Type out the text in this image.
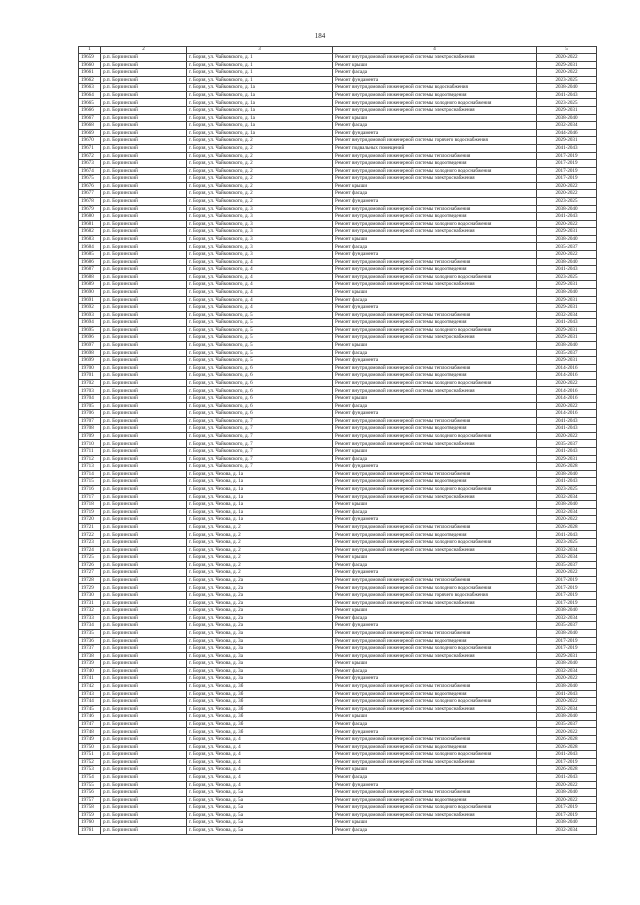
184
1	2	3	4	5
19659	р.п. Борзинский	г. Борзя, ул. Чайковского, д. 1	Ремонт внутридомовой инженерной системы электроснабжения	2020-2022
19660	р.п. Борзинский	г. Борзя, ул. Чайковского, д. 1	Ремонт крыши	2029-2031
19661	р.п. Борзинский	г. Борзя, ул. Чайковского, д. 1	Ремонт фасада	2020-2022
19662	р.п. Борзинский	г. Борзя, ул. Чайковского, д. 1	Ремонт фундамента	2023-2025
19663	р.п. Борзинский	г. Борзя, ул. Чайковского, д. 1а	Ремонт внутридомовой инженерной системы водоснабжения	2038-2040
19664	р.п. Борзинский	г. Борзя, ул. Чайковского, д. 1а	Ремонт внутридомовой инженерной системы водоотведения	2041-2043
19665	р.п. Борзинский	г. Борзя, ул. Чайковского, д. 1а	Ремонт внутридомовой инженерной системы холодного водоснабжения	2023-2025
19666	р.п. Борзинский	г. Борзя, ул. Чайковского, д. 1а	Ремонт внутридомовой инженерной системы электроснабжения	2029-2031
19667	р.п. Борзинский	г. Борзя, ул. Чайковского, д. 1а	Ремонт крыши	2038-2040
19668	р.п. Борзинский	г. Борзя, ул. Чайковского, д. 1а	Ремонт фасада	2032-2034
19669	р.п. Борзинский	г. Борзя, ул. Чайковского, д. 1а	Ремонт фундамента	2044-2046
19670	р.п. Борзинский	г. Борзя, ул. Чайковского, д. 2	Ремонт внутридомовой инженерной системы горячего водоснабжения	2029-2031
19671	р.п. Борзинский	г. Борзя, ул. Чайковского, д. 2	Ремонт подвальных помещений	2041-2043
19672	р.п. Борзинский	г. Борзя, ул. Чайковского, д. 2	Ремонт внутридомовой инженерной системы теплоснабжения	2017-2019
19673	р.п. Борзинский	г. Борзя, ул. Чайковского, д. 2	Ремонт внутридомовой инженерной системы водоотведения	2017-2019
19674	р.п. Борзинский	г. Борзя, ул. Чайковского, д. 2	Ремонт внутридомовой инженерной системы холодного водоснабжения	2017-2019
19675	р.п. Борзинский	г. Борзя, ул. Чайковского, д. 2	Ремонт внутридомовой инженерной системы электроснабжения	2017-2019
19676	р.п. Борзинский	г. Борзя, ул. Чайковского, д. 2	Ремонт крыши	2020-2022
19677	р.п. Борзинский	г. Борзя, ул. Чайковского, д. 2	Ремонт фасада	2020-2022
19678	р.п. Борзинский	г. Борзя, ул. Чайковского, д. 2	Ремонт фундамента	2023-2025
19679	р.п. Борзинский	г. Борзя, ул. Чайковского, д. 3	Ремонт внутридомовой инженерной системы теплоснабжения	2038-2040
19680	р.п. Борзинский	г. Борзя, ул. Чайковского, д. 3	Ремонт внутридомовой инженерной системы водоотведения	2041-2043
19681	р.п. Борзинский	г. Борзя, ул. Чайковского, д. 3	Ремонт внутридомовой инженерной системы холодного водоснабжения	2020-2022
19682	р.п. Борзинский	г. Борзя, ул. Чайковского, д. 3	Ремонт внутридомовой инженерной системы электроснабжения	2029-2031
19683	р.п. Борзинский	г. Борзя, ул. Чайковского, д. 3	Ремонт крыши	2038-2040
19684	р.п. Борзинский	г. Борзя, ул. Чайковского, д. 3	Ремонт фасада	2035-2037
19685	р.п. Борзинский	г. Борзя, ул. Чайковского, д. 3	Ремонт фундамента	2020-2022
19686	р.п. Борзинский	г. Борзя, ул. Чайковского, д. 4	Ремонт внутридомовой инженерной системы теплоснабжения	2038-2040
19687	р.п. Борзинский	г. Борзя, ул. Чайковского, д. 4	Ремонт внутридомовой инженерной системы водоотведения	2041-2043
19688	р.п. Борзинский	г. Борзя, ул. Чайковского, д. 4	Ремонт внутридомовой инженерной системы холодного водоснабжения	2023-2025
19689	р.п. Борзинский	г. Борзя, ул. Чайковского, д. 4	Ремонт внутридомовой инженерной системы электроснабжения	2029-2031
19690	р.п. Борзинский	г. Борзя, ул. Чайковского, д. 4	Ремонт крыши	2038-2040
19691	р.п. Борзинский	г. Борзя, ул. Чайковского, д. 4	Ремонт фасада	2029-2031
19692	р.п. Борзинский	г. Борзя, ул. Чайковского, д. 4	Ремонт фундамента	2029-2031
19693	р.п. Борзинский	г. Борзя, ул. Чайковского, д. 5	Ремонт внутридомовой инженерной системы теплоснабжения	2032-2034
19694	р.п. Борзинский	г. Борзя, ул. Чайковского, д. 5	Ремонт внутридомовой инженерной системы водоотведения	2041-2043
19695	р.п. Борзинский	г. Борзя, ул. Чайковского, д. 5	Ремонт внутридомовой инженерной системы холодного водоснабжения	2029-2031
19696	р.п. Борзинский	г. Борзя, ул. Чайковского, д. 5	Ремонт внутридомовой инженерной системы электроснабжения	2029-2031
19697	р.п. Борзинский	г. Борзя, ул. Чайковского, д. 5	Ремонт крыши	2038-2040
19698	р.п. Борзинский	г. Борзя, ул. Чайковского, д. 5	Ремонт фасада	2035-2037
19699	р.п. Борзинский	г. Борзя, ул. Чайковского, д. 5	Ремонт фундамента	2029-2031
19700	р.п. Борзинский	г. Борзя, ул. Чайковского, д. 6	Ремонт внутридомовой инженерной системы теплоснабжения	2014-2016
19701	р.п. Борзинский	г. Борзя, ул. Чайковского, д. 6	Ремонт внутридомовой инженерной системы водоотведения	2014-2016
19702	р.п. Борзинский	г. Борзя, ул. Чайковского, д. 6	Ремонт внутридомовой инженерной системы холодного водоснабжения	2020-2022
19703	р.п. Борзинский	г. Борзя, ул. Чайковского, д. 6	Ремонт внутридомовой инженерной системы электроснабжения	2014-2016
19704	р.п. Борзинский	г. Борзя, ул. Чайковского, д. 6	Ремонт крыши	2014-2016
19705	р.п. Борзинский	г. Борзя, ул. Чайковского, д. 6	Ремонт фасада	2020-2022
19706	р.п. Борзинский	г. Борзя, ул. Чайковского, д. 6	Ремонт фундамента	2014-2016
19707	р.п. Борзинский	г. Борзя, ул. Чайковского, д. 7	Ремонт внутридомовой инженерной системы теплоснабжения	2041-2043
19708	р.п. Борзинский	г. Борзя, ул. Чайковского, д. 7	Ремонт внутридомовой инженерной системы водоотведения	2041-2043
19709	р.п. Борзинский	г. Борзя, ул. Чайковского, д. 7	Ремонт внутридомовой инженерной системы холодного водоснабжения	2020-2022
19710	р.п. Борзинский	г. Борзя, ул. Чайковского, д. 7	Ремонт внутридомовой инженерной системы электроснабжения	2035-2037
19711	р.п. Борзинский	г. Борзя, ул. Чайковского, д. 7	Ремонт крыши	2041-2043
19712	р.п. Борзинский	г. Борзя, ул. Чайковского, д. 7	Ремонт фасада	2029-2031
19713	р.п. Борзинский	г. Борзя, ул. Чайковского, д. 7	Ремонт фундамента	2026-2028
19714	р.п. Борзинский	г. Борзя, ул. Чехова, д. 1а	Ремонт внутридомовой инженерной системы теплоснабжения	2038-2040
19715	р.п. Борзинский	г. Борзя, ул. Чехова, д. 1а	Ремонт внутридомовой инженерной системы водоотведения	2041-2043
19716	р.п. Борзинский	г. Борзя, ул. Чехова, д. 1а	Ремонт внутридомовой инженерной системы холодного водоснабжения	2023-2025
19717	р.п. Борзинский	г. Борзя, ул. Чехова, д. 1а	Ремонт внутридомовой инженерной системы электроснабжения	2032-2034
19718	р.п. Борзинский	г. Борзя, ул. Чехова, д. 1а	Ремонт крыши	2038-2040
19719	р.п. Борзинский	г. Борзя, ул. Чехова, д. 1а	Ремонт фасада	2032-2034
19720	р.п. Борзинский	г. Борзя, ул. Чехова, д. 1а	Ремонт фундамента	2020-2022
19721	р.п. Борзинский	г. Борзя, ул. Чехова, д. 2	Ремонт внутридомовой инженерной системы теплоснабжения	2026-2028
19722	р.п. Борзинский	г. Борзя, ул. Чехова, д. 2	Ремонт внутридомовой инженерной системы водоотведения	2041-2043
19723	р.п. Борзинский	г. Борзя, ул. Чехова, д. 2	Ремонт внутридомовой инженерной системы холодного водоснабжения	2023-2025
19724	р.п. Борзинский	г. Борзя, ул. Чехова, д. 2	Ремонт внутридомовой инженерной системы электроснабжения	2032-2034
19725	р.п. Борзинский	г. Борзя, ул. Чехова, д. 2	Ремонт крыши	2032-2034
19726	р.п. Борзинский	г. Борзя, ул. Чехова, д. 2	Ремонт фасада	2035-2037
19727	р.п. Борзинский	г. Борзя, ул. Чехова, д. 2	Ремонт фундамента	2020-2022
19728	р.п. Борзинский	г. Борзя, ул. Чехова, д. 2а	Ремонт внутридомовой инженерной системы теплоснабжения	2017-2019
19729	р.п. Борзинский	г. Борзя, ул. Чехова, д. 2а	Ремонт внутридомовой инженерной системы холодного водоснабжения	2017-2019
19730	р.п. Борзинский	г. Борзя, ул. Чехова, д. 2а	Ремонт внутридомовой инженерной системы горячего водоснабжения	2017-2019
19731	р.п. Борзинский	г. Борзя, ул. Чехова, д. 2а	Ремонт внутридомовой инженерной системы электроснабжения	2017-2019
19732	р.п. Борзинский	г. Борзя, ул. Чехова, д. 2а	Ремонт крыши	2038-2040
19733	р.п. Борзинский	г. Борзя, ул. Чехова, д. 2а	Ремонт фасада	2032-2034
19734	р.п. Борзинский	г. Борзя, ул. Чехова, д. 2а	Ремонт фундамента	2035-2037
19735	р.п. Борзинский	г. Борзя, ул. Чехова, д. 3а	Ремонт внутридомовой инженерной системы теплоснабжения	2038-2040
19736	р.п. Борзинский	г. Борзя, ул. Чехова, д. 3а	Ремонт внутридомовой инженерной системы водоотведения	2017-2019
19737	р.п. Борзинский	г. Борзя, ул. Чехова, д. 3а	Ремонт внутридомовой инженерной системы холодного водоснабжения	2017-2019
19738	р.п. Борзинский	г. Борзя, ул. Чехова, д. 3а	Ремонт внутридомовой инженерной системы электроснабжения	2029-2031
19739	р.п. Борзинский	г. Борзя, ул. Чехова, д. 3а	Ремонт крыши	2038-2040
19740	р.п. Борзинский	г. Борзя, ул. Чехова, д. 3а	Ремонт фасада	2032-2034
19741	р.п. Борзинский	г. Борзя, ул. Чехова, д. 3а	Ремонт фундамента	2020-2022
19742	р.п. Борзинский	г. Борзя, ул. Чехова, д. 3б	Ремонт внутридомовой инженерной системы теплоснабжения	2038-2040
19743	р.п. Борзинский	г. Борзя, ул. Чехова, д. 3б	Ремонт внутридомовой инженерной системы водоотведения	2041-2043
19744	р.п. Борзинский	г. Борзя, ул. Чехова, д. 3б	Ремонт внутридомовой инженерной системы холодного водоснабжения	2020-2022
19745	р.п. Борзинский	г. Борзя, ул. Чехова, д. 3б	Ремонт внутридомовой инженерной системы электроснабжения	2032-2034
19746	р.п. Борзинский	г. Борзя, ул. Чехова, д. 3б	Ремонт крыши	2038-2040
19747	р.п. Борзинский	г. Борзя, ул. Чехова, д. 3б	Ремонт фасада	2035-2037
19748	р.п. Борзинский	г. Борзя, ул. Чехова, д. 3б	Ремонт фундамента	2020-2022
19749	р.п. Борзинский	г. Борзя, ул. Чехова, д. 4	Ремонт внутридомовой инженерной системы теплоснабжения	2026-2028
19750	р.п. Борзинский	г. Борзя, ул. Чехова, д. 4	Ремонт внутридомовой инженерной системы водоотведения	2026-2028
19751	р.п. Борзинский	г. Борзя, ул. Чехова, д. 4	Ремонт внутридомовой инженерной системы холодного водоснабжения	2041-2043
19752	р.п. Борзинский	г. Борзя, ул. Чехова, д. 4	Ремонт внутридомовой инженерной системы электроснабжения	2017-2019
19753	р.п. Борзинский	г. Борзя, ул. Чехова, д. 4	Ремонт крыши	2026-2028
19754	р.п. Борзинский	г. Борзя, ул. Чехова, д. 4	Ремонт фасада	2041-2043
19755	р.п. Борзинский	г. Борзя, ул. Чехова, д. 4	Ремонт фундамента	2020-2022
19756	р.п. Борзинский	г. Борзя, ул. Чехова, д. 5а	Ремонт внутридомовой инженерной системы теплоснабжения	2038-2040
19757	р.п. Борзинский	г. Борзя, ул. Чехова, д. 5а	Ремонт внутридомовой инженерной системы водоотведения	2020-2022
19758	р.п. Борзинский	г. Борзя, ул. Чехова, д. 5а	Ремонт внутридомовой инженерной системы холодного водоснабжения	2017-2019
19759	р.п. Борзинский	г. Борзя, ул. Чехова, д. 5а	Ремонт внутридомовой инженерной системы электроснабжения	2017-2019
19760	р.п. Борзинский	г. Борзя, ул. Чехова, д. 5а	Ремонт крыши	2038-2040
19761	р.п. Борзинский	г. Борзя, ул. Чехова, д. 5а	Ремонт фасада	2032-2034
